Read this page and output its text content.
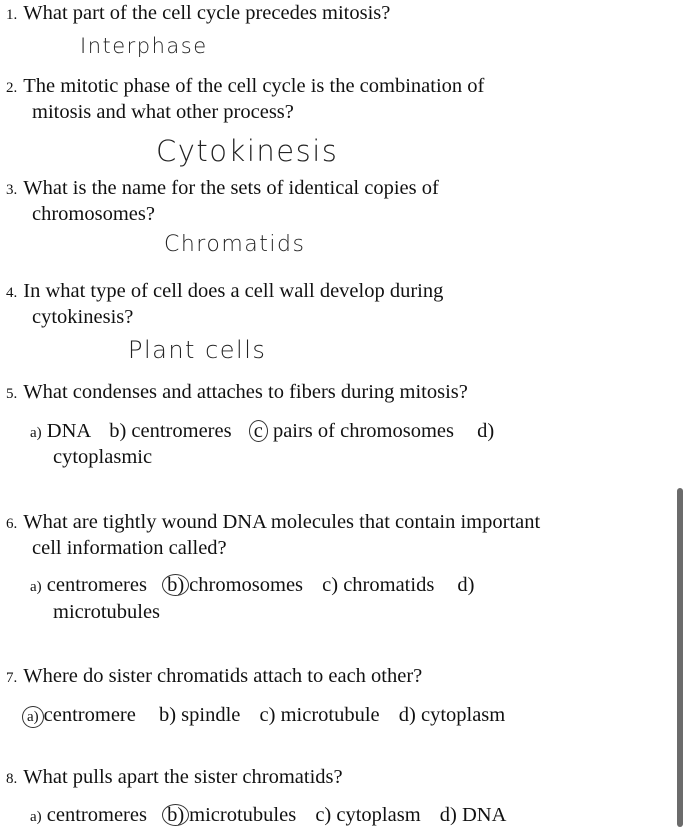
1. What part of the cell cycle precedes mitosis?
Interphase
2. The mitotic phase of the cell cycle is the combination of
mitosis and what other process?
Cytokinesis
3. What is the name for the sets of identical copies of
chromosomes?
Chromatids
4. In what type of cell does a cell wall develop during
cytokinesis?
Plant cells
5. What condenses and attaches to fibers during mitosis?
a) DNA b) centromeres c pairs of chromosomes d)
cytoplasmic
6. What are tightly wound DNA molecules that contain important
cell information called?
a) centromeres b) chromosomes c) chromatids d)
microtubules
7. Where do sister chromatids attach to each other?
a) centromere b) spindle c) microtubule d) cytoplasm
8. What pulls apart the sister chromatids?
a) centromeres b) microtubules c) cytoplasm d) DNA
